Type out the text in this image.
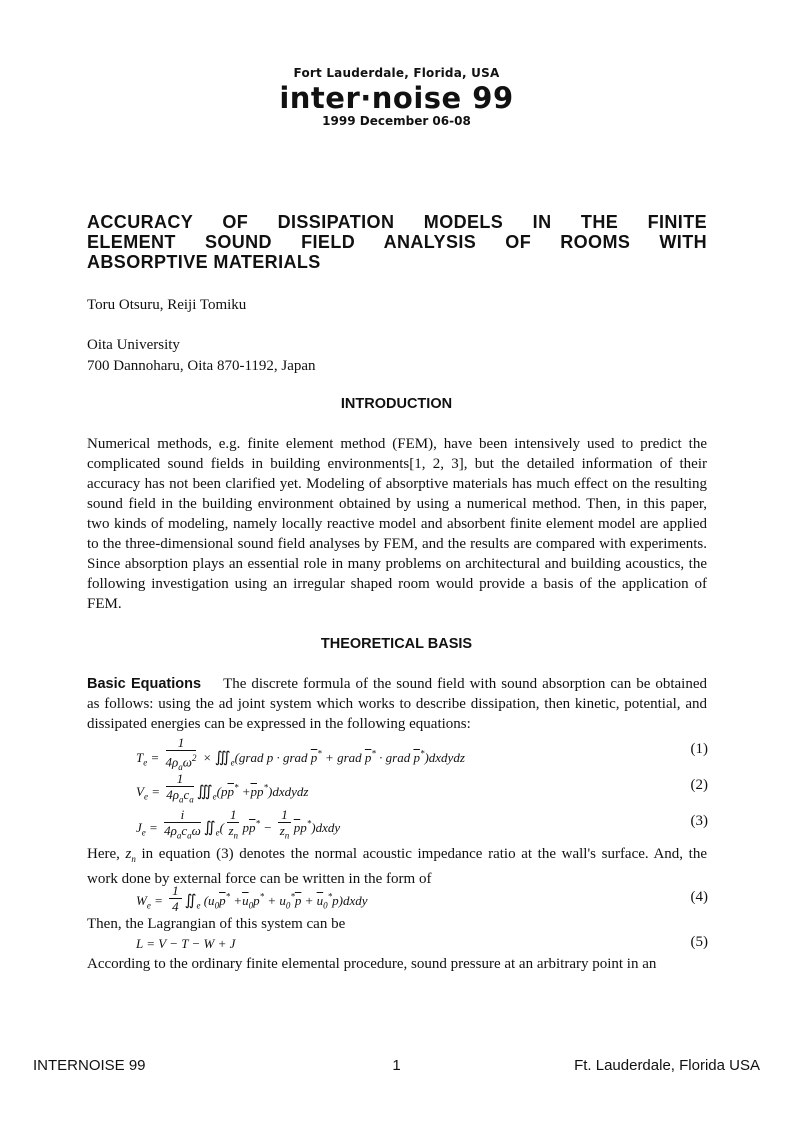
Fort Lauderdale, Florida, USA
inter·noise 99
1999 December 06-08
ACCURACY OF DISSIPATION MODELS IN THE FINITE
ELEMENT SOUND FIELD ANALYSIS OF ROOMS WITH
ABSORPTIVE MATERIALS
Toru Otsuru, Reiji Tomiku
Oita University
700 Dannoharu, Oita 870-1192, Japan
INTRODUCTION
Numerical methods, e.g. finite element method (FEM), have been intensively used to predict the complicated sound fields in building environments[1, 2, 3], but the detailed information of their accuracy has not been clarified yet. Modeling of absorptive materials has much effect on the resulting sound field in the building environment obtained by using a numerical method. Then, in this paper, two kinds of modeling, namely locally reactive model and absorbent finite element model are applied to the three-dimensional sound field analyses by FEM, and the results are compared with experiments. Since absorption plays an essential role in many problems on architectural and building acoustics, the following investigation using an irregular shaped room would provide a basis of the application of FEM.
THEORETICAL BASIS
Basic Equations The discrete formula of the sound field with sound absorption can be obtained as follows: using the ad joint system which works to describe dissipation, then kinetic, potential, and dissipated energies can be expressed in the following equations:
$T_e = \frac{1}{4\rho_a\omega^2}$ × $∭_e(grad$ p · grad $\overline{p}^*$ + grad $\overline{p}^*$ · grad $\overline{p}^*)dxdydz$
(1)
$V_e = \frac{1}{4\rho_ac_a}$ $∭_e(p\overline{p}^*$ $+\overline{p}p^*)dxdydz$	(2)
$J_e = \frac{i}{4\rho_ac_a\omega}$ $∬_e( \frac{1}{z_n} p\overline{p}^* - \frac{1}{z_n}$ $\overline{p}p^*)dxdy$	(3)
Here, $z_n$ in equation (3) denotes the normal acoustic impedance ratio at the wall's surface. And, the work done by external force can be written in the form of
$W_e = \frac{1}{4}$ $∬_e$ ($u_0\overline{p}^* +\overline{u}_0p^* + u_0^*\overline{p}$ + $\overline{u}_0^*p)dxdy$	(4)
Then, the Lagrangian of this system can be
L = V − T − W + J	(5)
According to the ordinary finite elemental procedure, sound pressure at an arbitrary point in an
INTERNOISE 99	1	Ft. Lauderdale, Florida USA
